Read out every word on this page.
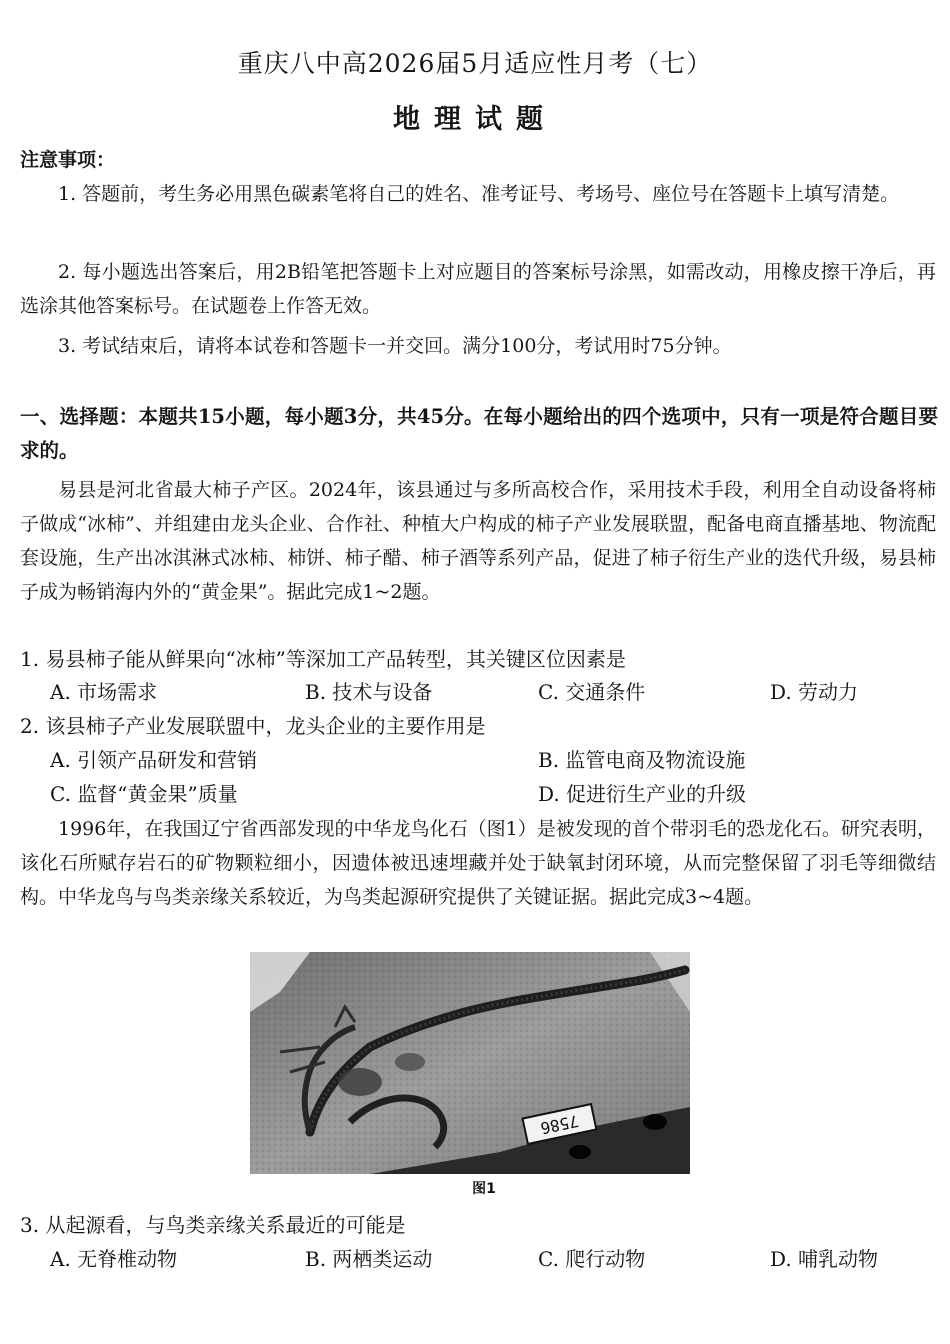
重庆八中高2026届5月适应性月考（七）
地理试题
注意事项：
1. 答题前，考生务必用黑色碳素笔将自己的姓名、准考证号、考场号、座位号在答题卡上填写清楚。
2. 每小题选出答案后，用2B铅笔把答题卡上对应题目的答案标号涂黑，如需改动，用橡皮擦干净后，再选涂其他答案标号。在试题卷上作答无效。
3. 考试结束后，请将本试卷和答题卡一并交回。满分100分，考试用时75分钟。
一、选择题：本题共15小题，每小题3分，共45分。在每小题给出的四个选项中，只有一项是符合题目要求的。
易县是河北省最大柿子产区。2024年，该县通过与多所高校合作，采用技术手段，利用全自动设备将柿子做成“冰柿”、并组建由龙头企业、合作社、种植大户构成的柿子产业发展联盟，配备电商直播基地、物流配套设施，生产出冰淇淋式冰柿、柿饼、柿子醋、柿子酒等系列产品，促进了柿子衍生产业的迭代升级，易县柿子成为畅销海内外的“黄金果”。据此完成1~2题。
1. 易县柿子能从鲜果向“冰柿”等深加工产品转型，其关键区位因素是
A. 市场需求	B. 技术与设备	C. 交通条件	D. 劳动力
2. 该县柿子产业发展联盟中，龙头企业的主要作用是
A. 引领产品研发和营销	B. 监管电商及物流设施
C. 监督“黄金果”质量	D. 促进衍生产业的升级
1996年，在我国辽宁省西部发现的中华龙鸟化石（图1）是被发现的首个带羽毛的恐龙化石。研究表明，该化石所赋存岩石的矿物颗粒细小，因遗体被迅速埋藏并处于缺氧封闭环境，从而完整保留了羽毛等细微结构。中华龙鸟与鸟类亲缘关系较近，为鸟类起源研究提供了关键证据。据此完成3~4题。
7586
图1
3. 从起源看，与鸟类亲缘关系最近的可能是
A. 无脊椎动物	B. 两栖类运动	C. 爬行动物	D. 哺乳动物
